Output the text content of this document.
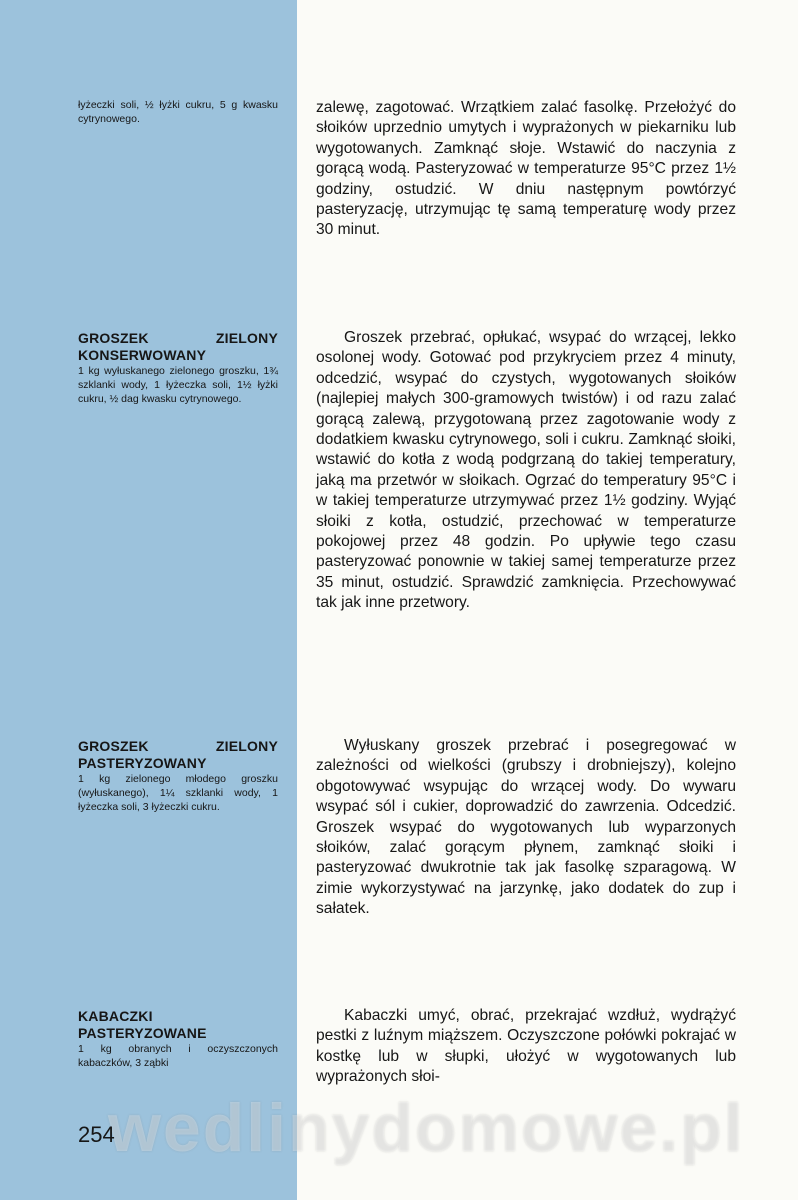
łyżeczki soli, ½ łyżki cukru, 5 g kwasku cytrynowego.

zalewę, zagotować. Wrzątkiem zalać fasolkę. Przełożyć do słoików uprzednio umytych i wyprażonych w piekarniku lub wygotowanych. Zamknąć słoje. Wstawić do naczynia z gorącą wodą. Pasteryzować w temperaturze 95°C przez 1½ godziny, ostudzić. W dniu następnym powtórzyć pasteryzację, utrzymując tę samą temperaturę wody przez 30 minut.

GROSZEK ZIELONY KONSERWOWANY

1 kg wyłuskanego zielonego groszku, 1¾ szklanki wody, 1 łyżeczka soli, 1½ łyżki cukru, ½ dag kwasku cytrynowego.

Groszek przebrać, opłukać, wsypać do wrzącej, lekko osolonej wody. Gotować pod przykryciem przez 4 minuty, odcedzić, wsypać do czystych, wygotowanych słoików (najlepiej małych 300-gramowych twistów) i od razu zalać gorącą zalewą, przygotowaną przez zagotowanie wody z dodatkiem kwasku cytrynowego, soli i cukru. Zamknąć słoiki, wstawić do kotła z wodą podgrzaną do takiej temperatury, jaką ma przetwór w słoikach. Ogrzać do temperatury 95°C i w takiej temperaturze utrzymywać przez 1½ godziny. Wyjąć słoiki z kotła, ostudzić, przechować w temperaturze pokojowej przez 48 godzin. Po upływie tego czasu pasteryzować ponownie w takiej samej temperaturze przez 35 minut, ostudzić. Sprawdzić zamknięcia. Przechowywać tak jak inne przetwory.

GROSZEK ZIELONY PASTERYZOWANY

1 kg zielonego młodego groszku (wyłuskanego), 1¼ szklanki wody, 1 łyżeczka soli, 3 łyżeczki cukru.

Wyłuskany groszek przebrać i posegregować w zależności od wielkości (grubszy i drobniejszy), kolejno obgotowywać wsypując do wrzącej wody. Do wywaru wsypać sól i cukier, doprowadzić do zawrzenia. Odcedzić. Groszek wsypać do wygotowanych lub wyparzonych słoików, zalać gorącym płynem, zamknąć słoiki i pasteryzować dwukrotnie tak jak fasolkę szparagową. W zimie wykorzystywać na jarzynkę, jako dodatek do zup i sałatek.

KABACZKI PASTERYZOWANE

1 kg obranych i oczyszczonych kabaczków, 3 ząbki

Kabaczki umyć, obrać, przekrajać wzdłuż, wydrążyć pestki z luźnym miąższem. Oczyszczone połówki pokrajać w kostkę lub w słupki, ułożyć w wygotowanych lub wyprażonych słoi-

wedlinydomowe.pl
254
